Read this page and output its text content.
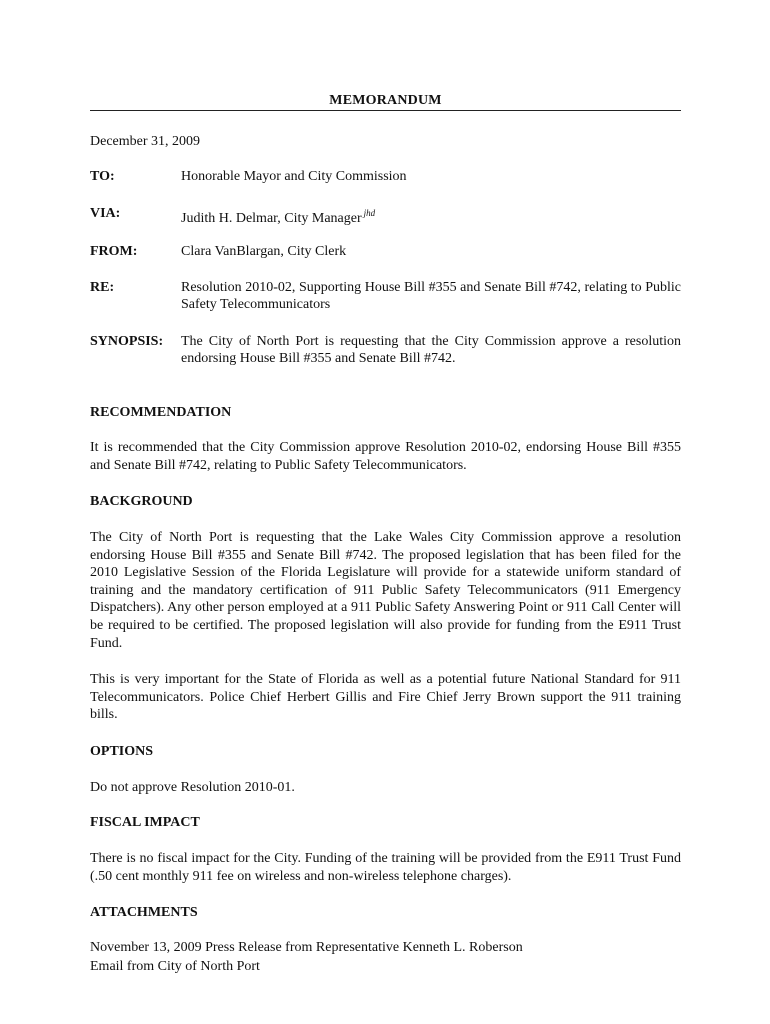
MEMORANDUM
December 31, 2009
TO:	Honorable Mayor and City Commission
VIA:	Judith H. Delmar, City Manager $^{jhd}$
FROM:	Clara VanBlargan, City Clerk
RE:	Resolution 2010-02, Supporting House Bill #355 and Senate Bill #742, relating to Public Safety Telecommunicators
SYNOPSIS: The City of North Port is requesting that the City Commission approve a resolution endorsing House Bill #355 and Senate Bill #742.
RECOMMENDATION
It is recommended that the City Commission approve Resolution 2010-02, endorsing House Bill #355 and Senate Bill #742, relating to Public Safety Telecommunicators.
BACKGROUND
The City of North Port is requesting that the Lake Wales City Commission approve a resolution endorsing House Bill #355 and Senate Bill #742. The proposed legislation that has been filed for the 2010 Legislative Session of the Florida Legislature will provide for a statewide uniform standard of training and the mandatory certification of 911 Public Safety Telecommunicators (911 Emergency Dispatchers). Any other person employed at a 911 Public Safety Answering Point or 911 Call Center will be required to be certified. The proposed legislation will also provide for funding from the E911 Trust Fund.
This is very important for the State of Florida as well as a potential future National Standard for 911 Telecommunicators. Police Chief Herbert Gillis and Fire Chief Jerry Brown support the 911 training bills.
OPTIONS
Do not approve Resolution 2010-01.
FISCAL IMPACT
There is no fiscal impact for the City. Funding of the training will be provided from the E911 Trust Fund (.50 cent monthly 911 fee on wireless and non-wireless telephone charges).
ATTACHMENTS
November 13, 2009 Press Release from Representative Kenneth L. Roberson
Email from City of North Port
